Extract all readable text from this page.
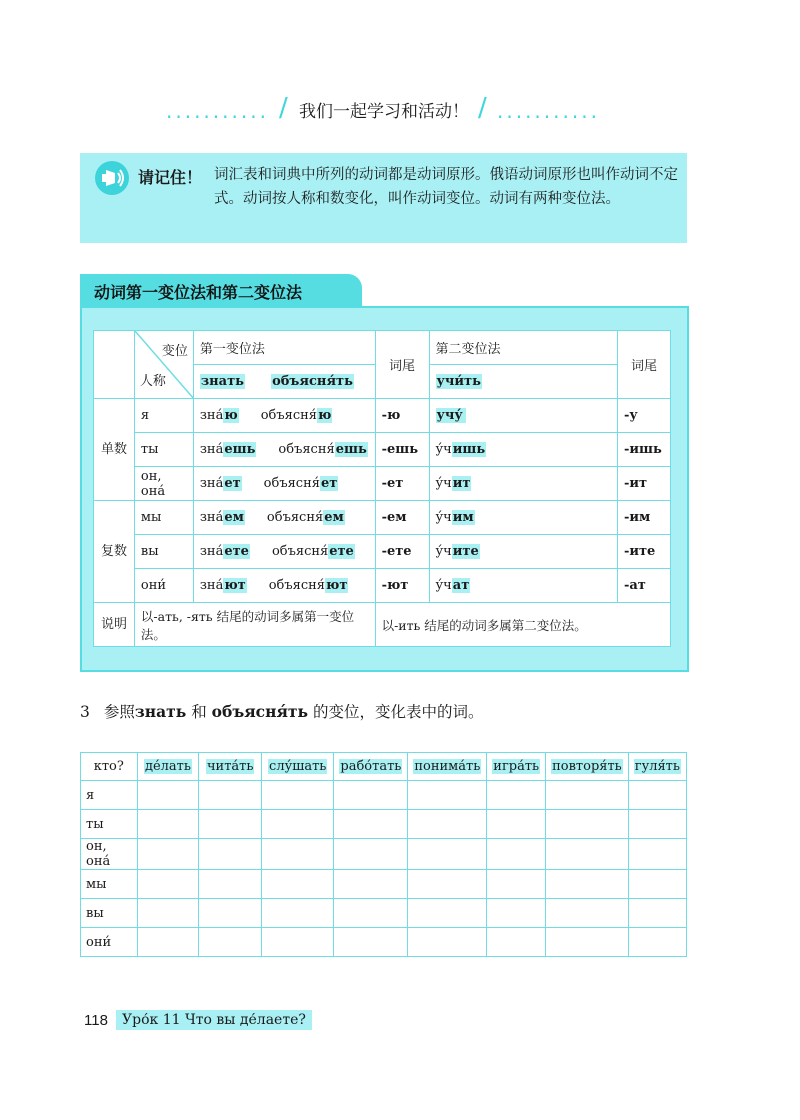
........... / 我们一起学习和活动！ / ...........
请记住！ 词汇表和词典中所列的动词都是动词原形。俄语动词原形也叫作动词不定式。动词按人称和数变化，叫作动词变位。动词有两种变位法。
动词第一变位法和第二变位法

	变位
人称	第一变位法	词尾	第二变位法	词尾
		знать объясня́ть		учи́ть	
单数	я	зна́ю объясня́ю	-ю	учу́	-у
	ты	зна́ешь объясня́ешь	-ешь	у́чишь	-ишь
	он, она́	зна́ет объясня́ет	-ет	у́чит	-ит
复数	мы	зна́ем объясня́ем	-ем	у́чим	-им
	вы	зна́ете объясня́ете	-ете	у́чите	-ите
	они́	зна́ют объясня́ют	-ют	у́чат	-ат
说明	以-ать, -ять 结尾的动词多属第一变位法。		以-ить 结尾的动词多属第二变位法。		
3 参照знать 和 объясня́ть 的变位，变化表中的词。
кто?	де́лать	чита́ть	слу́шать	рабо́тать	понима́ть	игра́ть	повторя́ть	гуля́ть
я								
ты								
он, она́								
мы								
вы								
они́								
118	Уро́к 11 Что вы де́лаете?
